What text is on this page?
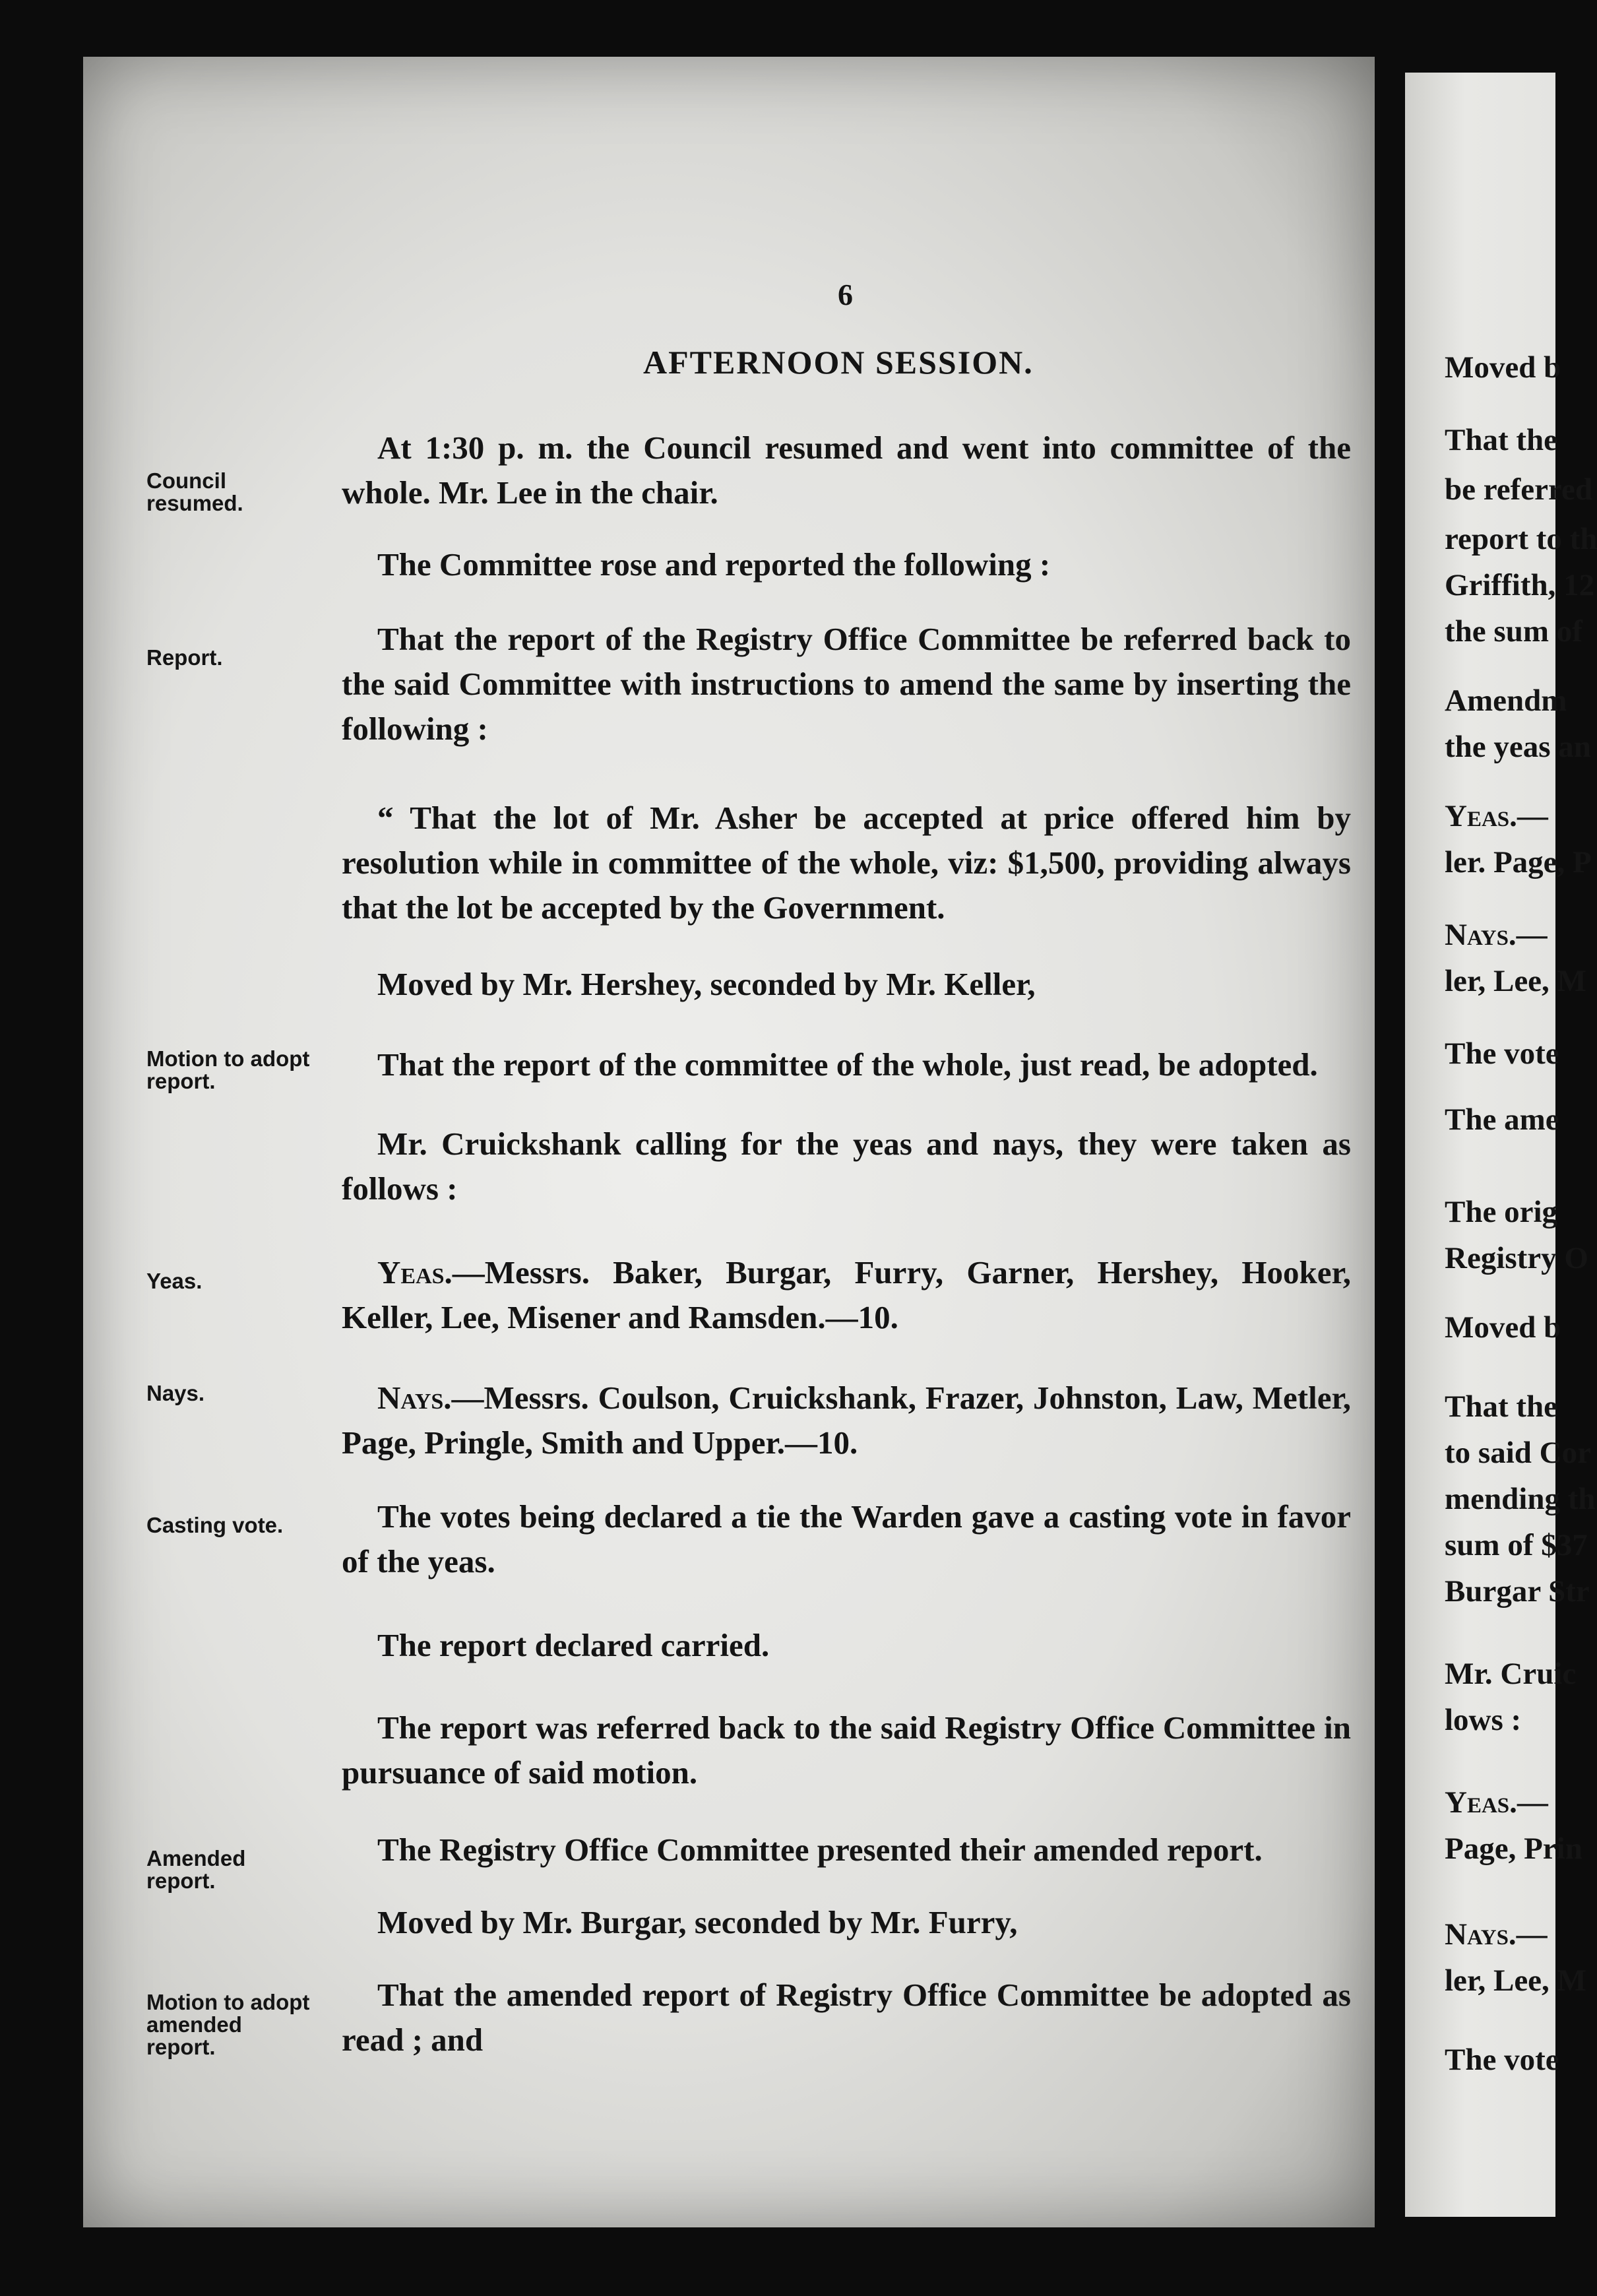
Moved b
That the
be referred
report to th
Griffith, 12
the sum of
Amendm
the yeas an
Yeas.—
ler. Page, P
Nays.—
ler, Lee, M
The vote
The ame
The orig
Registry O
Moved b
That the
to said Cor
mending th
sum of $37
Burgar Str
Mr. Cruic
lows :
Yeas.—
Page, Prin
Nays.—
ler, Lee, M
The vote
6
AFTERNOON SESSION.
Council resumed.
Report.
Motion to adopt report.
Yeas.
Nays.
Casting vote.
Amended report.
Motion to adopt amended report.
At 1:30 p. m. the Council resumed and went into committee of the whole. Mr. Lee in the chair.
The Committee rose and reported the following :
That the report of the Registry Office Committee be referred back to the said Committee with instructions to amend the same by inserting the following :
“ That the lot of Mr. Asher be accepted at price offered him by resolution while in committee of the whole, viz: $1,500, providing always that the lot be accepted by the Government.
Moved by Mr. Hershey, seconded by Mr. Keller,
That the report of the committee of the whole, just read, be adopted.
Mr. Cruickshank calling for the yeas and nays, they were taken as follows :
Yeas.—Messrs. Baker, Burgar, Furry, Garner, Hershey, Hooker, Keller, Lee, Misener and Ramsden.—10.
Nays.—Messrs. Coulson, Cruickshank, Frazer, Johnston, Law, Metler, Page, Pringle, Smith and Upper.—10.
The votes being declared a tie the Warden gave a casting vote in favor of the yeas.
The report declared carried.
The report was referred back to the said Registry Office Committee in pursuance of said motion.
The Registry Office Committee presented their amended report.
Moved by Mr. Burgar, seconded by Mr. Furry,
That the amended report of Registry Office Committee be adopted as read ; and
